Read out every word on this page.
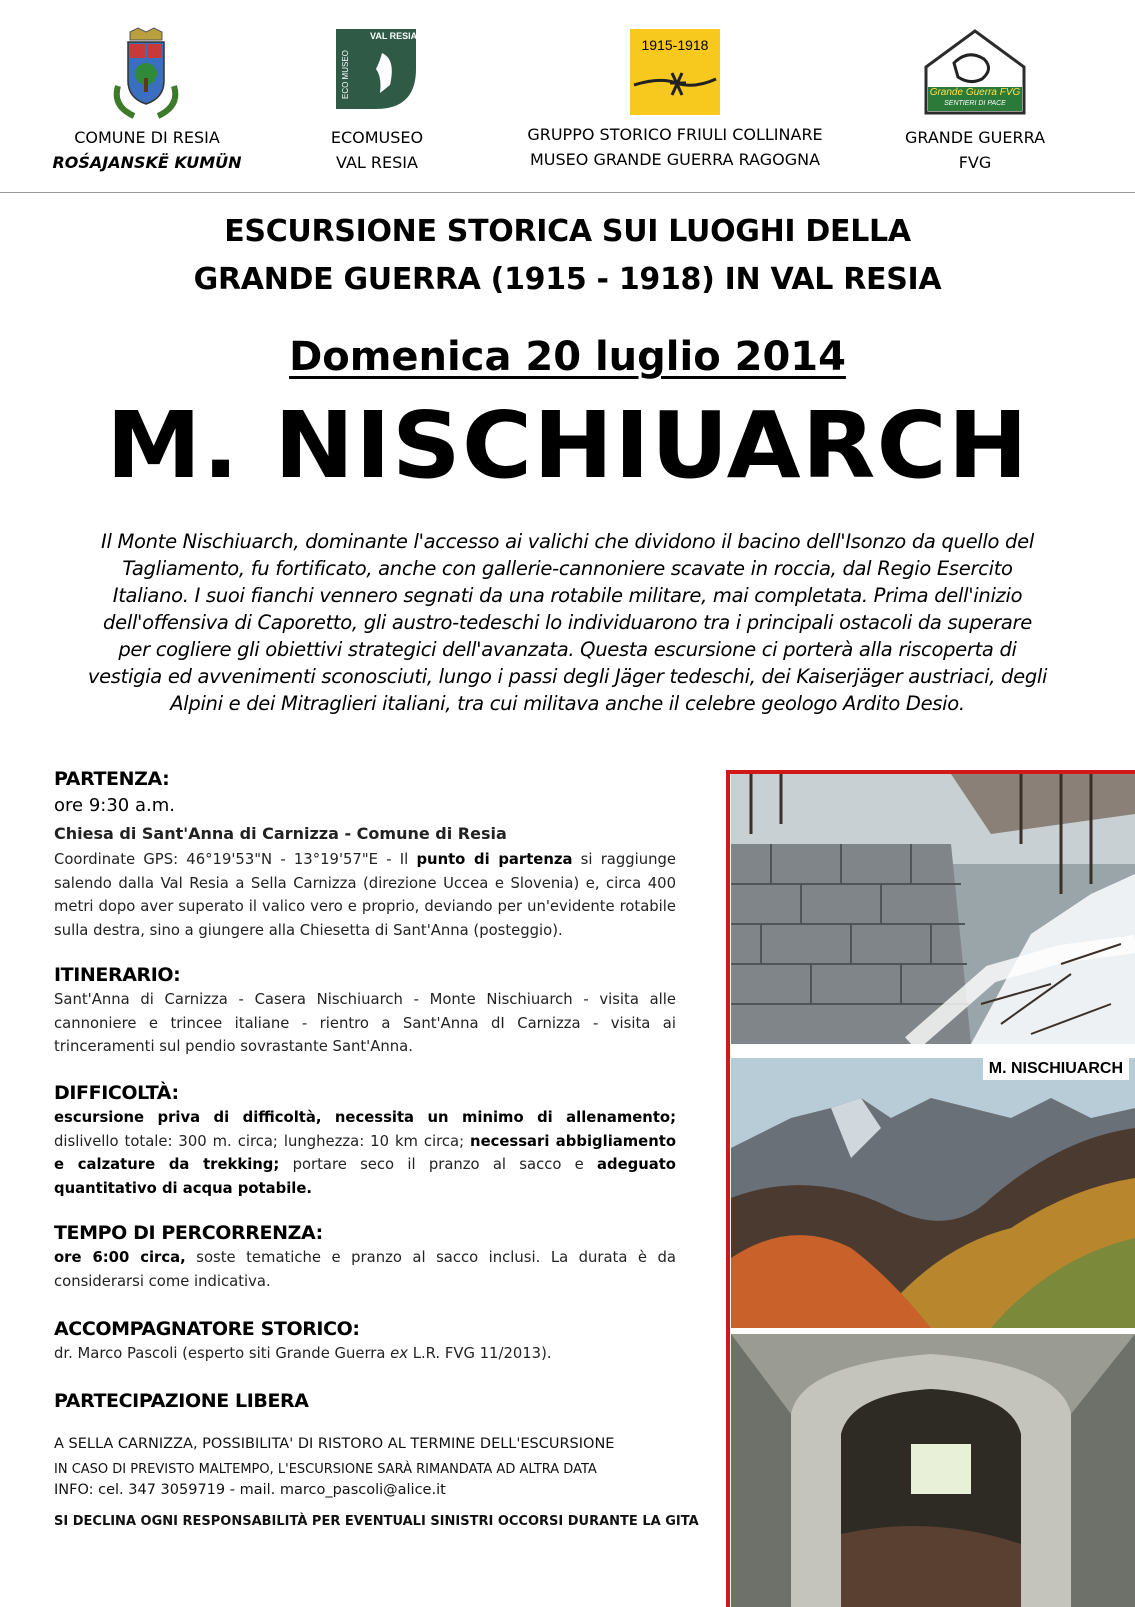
COMUNE DI RESIA
ROŚAJANSKË KUMÜN
ECO MUSEO
VAL RESIA
ECOMUSEO
VAL RESIA
1915-1918
GRUPPO STORICO FRIULI COLLINARE
MUSEO GRANDE GUERRA RAGOGNA
Grande Guerra FVG
SENTIERI DI PACE
GRANDE GUERRA
FVG
ESCURSIONE STORICA SUI LUOGHI DELLA
GRANDE GUERRA (1915 - 1918) IN VAL RESIA
Domenica 20 luglio 2014
M. NISCHIUARCH
Il Monte Nischiuarch, dominante l'accesso ai valichi che dividono il bacino dell'Isonzo da quello del
Tagliamento, fu fortificato, anche con gallerie-cannoniere scavate in roccia, dal Regio Esercito
Italiano. I suoi fianchi vennero segnati da una rotabile militare, mai completata. Prima dell'inizio
dell'offensiva di Caporetto, gli austro-tedeschi lo individuarono tra i principali ostacoli da superare
per cogliere gli obiettivi strategici dell'avanzata. Questa escursione ci porterà alla riscoperta di
vestigia ed avvenimenti sconosciuti, lungo i passi degli Jäger tedeschi, dei Kaiserjäger austriaci, degli
Alpini e dei Mitraglieri italiani, tra cui militava anche il celebre geologo Ardito Desio.
PARTENZA:
ore 9:30 a.m.
Chiesa di Sant'Anna di Carnizza - Comune di Resia
Coordinate GPS: 46°19'53"N - 13°19'57"E - Il punto di partenza si raggiunge salendo dalla Val Resia a Sella Carnizza (direzione Uccea e Slovenia) e, circa 400 metri dopo aver superato il valico vero e proprio, deviando per un'evidente rotabile sulla destra, sino a giungere alla Chiesetta di Sant'Anna (posteggio).
ITINERARIO:
Sant'Anna di Carnizza - Casera Nischiuarch - Monte Nischiuarch - visita alle cannoniere e trincee italiane - rientro a Sant'Anna dI Carnizza - visita ai trinceramenti sul pendio sovrastante Sant'Anna.
DIFFICOLTÀ:
escursione priva di difficoltà, necessita un minimo di allenamento; dislivello totale: 300 m. circa; lunghezza: 10 km circa; necessari abbigliamento e calzature da trekking; portare seco il pranzo al sacco e adeguato quantitativo di acqua potabile.
TEMPO DI PERCORRENZA:
ore 6:00 circa, soste tematiche e pranzo al sacco inclusi. La durata è da considerarsi come indicativa.
ACCOMPAGNATORE STORICO:
dr. Marco Pascoli (esperto siti Grande Guerra ex L.R. FVG 11/2013).
PARTECIPAZIONE LIBERA
A SELLA CARNIZZA, POSSIBILITA' DI RISTORO AL TERMINE DELL'ESCURSIONE
IN CASO DI PREVISTO MALTEMPO, L'ESCURSIONE SARÀ RIMANDATA AD ALTRA DATA
INFO: cel. 347 3059719 - mail. marco_pascoli@alice.it
SI DECLINA OGNI RESPONSABILITÀ PER EVENTUALI SINISTRI OCCORSI DURANTE LA GITA
M. NISCHIUARCH
